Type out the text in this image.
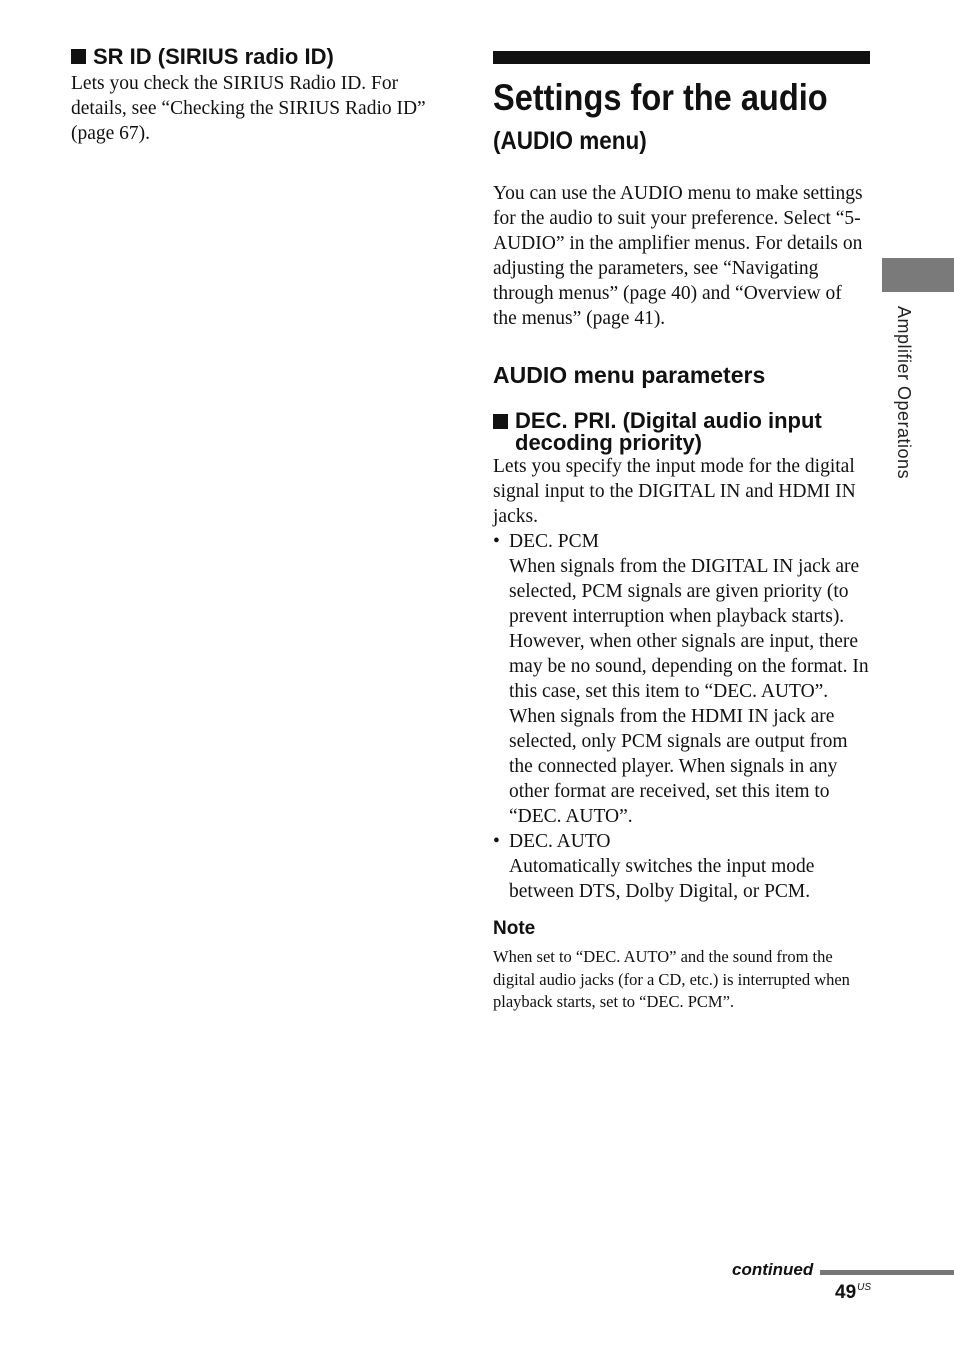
SR ID (SIRIUS radio ID)

Lets you check the SIRIUS Radio ID. For details, see “Checking the SIRIUS Radio ID” (page 67).

Settings for the audio
(AUDIO menu)

You can use the AUDIO menu to make settings for the audio to suit your preference. Select “5-AUDIO” in the amplifier menus. For details on adjusting the parameters, see “Navigating through menus” (page 40) and “Overview of the menus” (page 41).

AUDIO menu parameters
DEC. PRI. (Digital audio input decoding priority)

Lets you specify the input mode for the digital signal input to the DIGITAL IN and HDMI IN jacks.

• DEC. PCM
When signals from the DIGITAL IN jack are selected, PCM signals are given priority (to prevent interruption when playback starts). However, when other signals are input, there may be no sound, depending on the format. In this case, set this item to “DEC. AUTO”. When signals from the HDMI IN jack are selected, only PCM signals are output from the connected player. When signals in any other format are received, set this item to “DEC. AUTO”.
• DEC. AUTO
Automatically switches the input mode between DTS, Dolby Digital, or PCM.
Note

When set to “DEC. AUTO” and the sound from the digital audio jacks (for a CD, etc.) is interrupted when playback starts, set to “DEC. PCM”.

Amplifier Operations
continued
$49^{US}$
